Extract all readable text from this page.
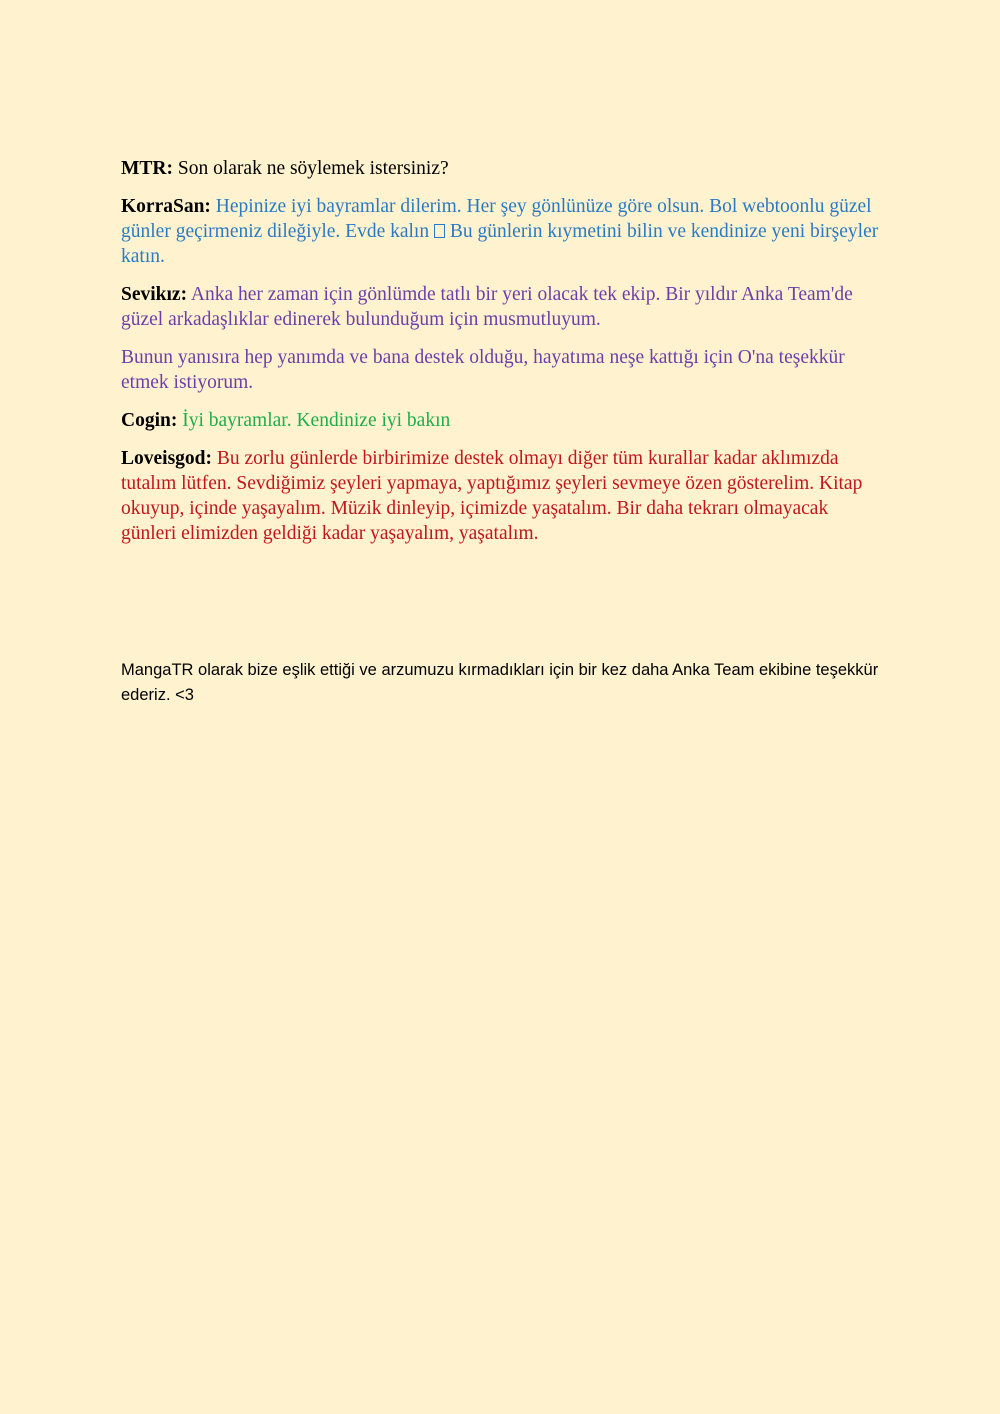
MTR: Son olarak ne söylemek istersiniz?

KorraSan: Hepinize iyi bayramlar dilerim. Her şey gönlünüze göre olsun. Bol webtoonlu güzel günler geçirmeniz dileğiyle. Evde kalın  Bu günlerin kıymetini bilin ve kendinize yeni birşeyler katın.

Sevikız: Anka her zaman için gönlümde tatlı bir yeri olacak tek ekip. Bir yıldır Anka Team'de güzel arkadaşlıklar edinerek bulunduğum için musmutluyum.

Bunun yanısıra hep yanımda ve bana destek olduğu, hayatıma neşe kattığı için O'na teşekkür etmek istiyorum.

Cogin: İyi bayramlar. Kendinize iyi bakın

Loveisgod: Bu zorlu günlerde birbirimize destek olmayı diğer tüm kurallar kadar aklımızda tutalım lütfen. Sevdiğimiz şeyleri yapmaya, yaptığımız şeyleri sevmeye özen gösterelim. Kitap okuyup, içinde yaşayalım. Müzik dinleyip, içimizde yaşatalım. Bir daha tekrarı olmayacak günleri elimizden geldiği kadar yaşayalım, yaşatalım.

MangaTR olarak bize eşlik ettiği ve arzumuzu kırmadıkları için bir kez daha Anka Team ekibine teşekkür ederiz. <3
